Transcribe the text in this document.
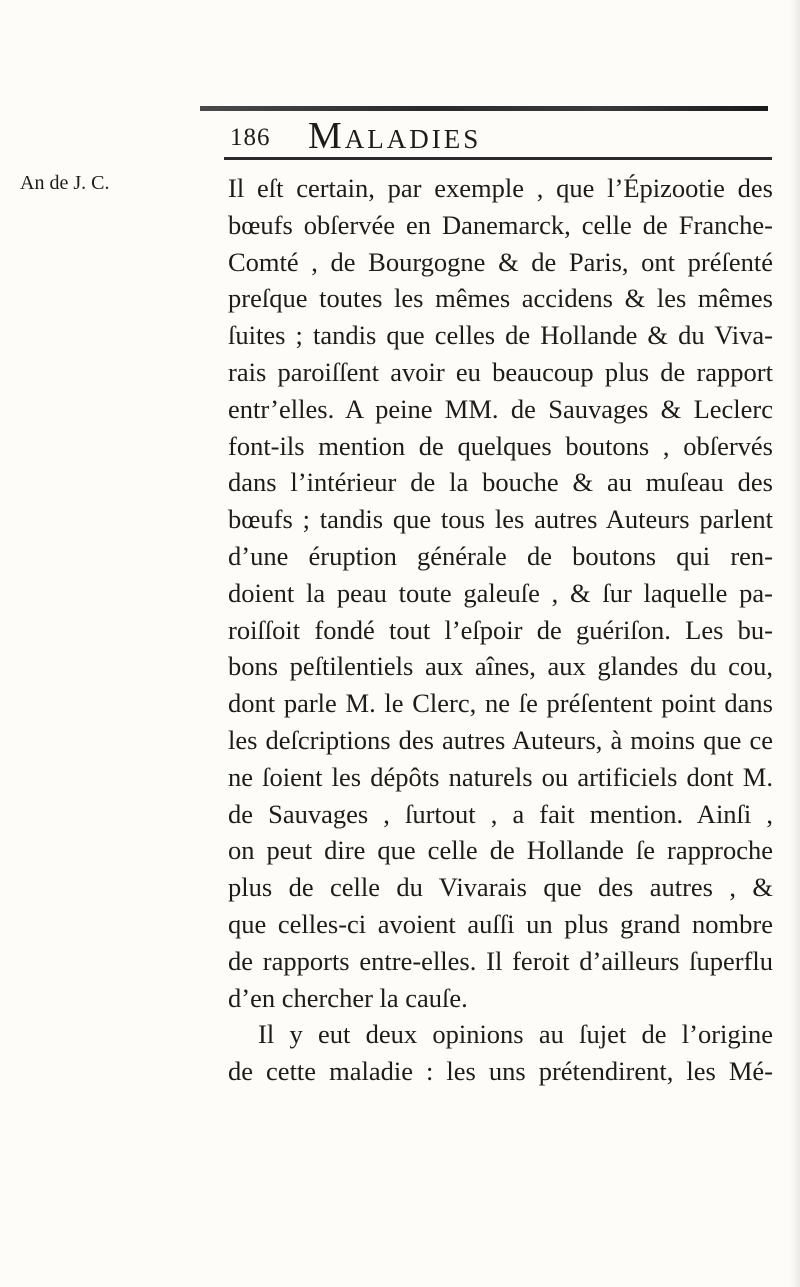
186 Maladies
An de J. C.	Il eſt certain, par exemple , que l’Épizootie des
bœufs obſervée en Danemarck, celle de Franche-
Comté , de Bourgogne & de Paris, ont préſenté
preſque toutes les mêmes accidens & les mêmes
ſuites ; tandis que celles de Hollande & du Viva-
rais paroiſſent avoir eu beaucoup plus de rapport
entr’elles. A peine MM. de Sauvages & Leclerc
font-ils mention de quelques boutons , obſervés
dans l’intérieur de la bouche & au muſeau des
bœufs ; tandis que tous les autres Auteurs parlent
d’une éruption générale de boutons qui ren-
doient la peau toute galeuſe , & ſur laquelle pa-
roiſſoit fondé tout l’eſpoir de guériſon. Les bu-
bons peſtilentiels aux aînes, aux glandes du cou,
dont parle M. le Clerc, ne ſe préſentent point dans
les deſcriptions des autres Auteurs, à moins que ce
ne ſoient les dépôts naturels ou artificiels dont M.
de Sauvages , ſurtout , a fait mention. Ainſi ,
on peut dire que celle de Hollande ſe rapproche
plus de celle du Vivarais que des autres , &
que celles-ci avoient auſſi un plus grand nombre
de rapports entre-elles. Il feroit d’ailleurs ſuperflu
d’en chercher la cauſe.
Il y eut deux opinions au ſujet de l’origine
de cette maladie : les uns prétendirent, les Mé-
